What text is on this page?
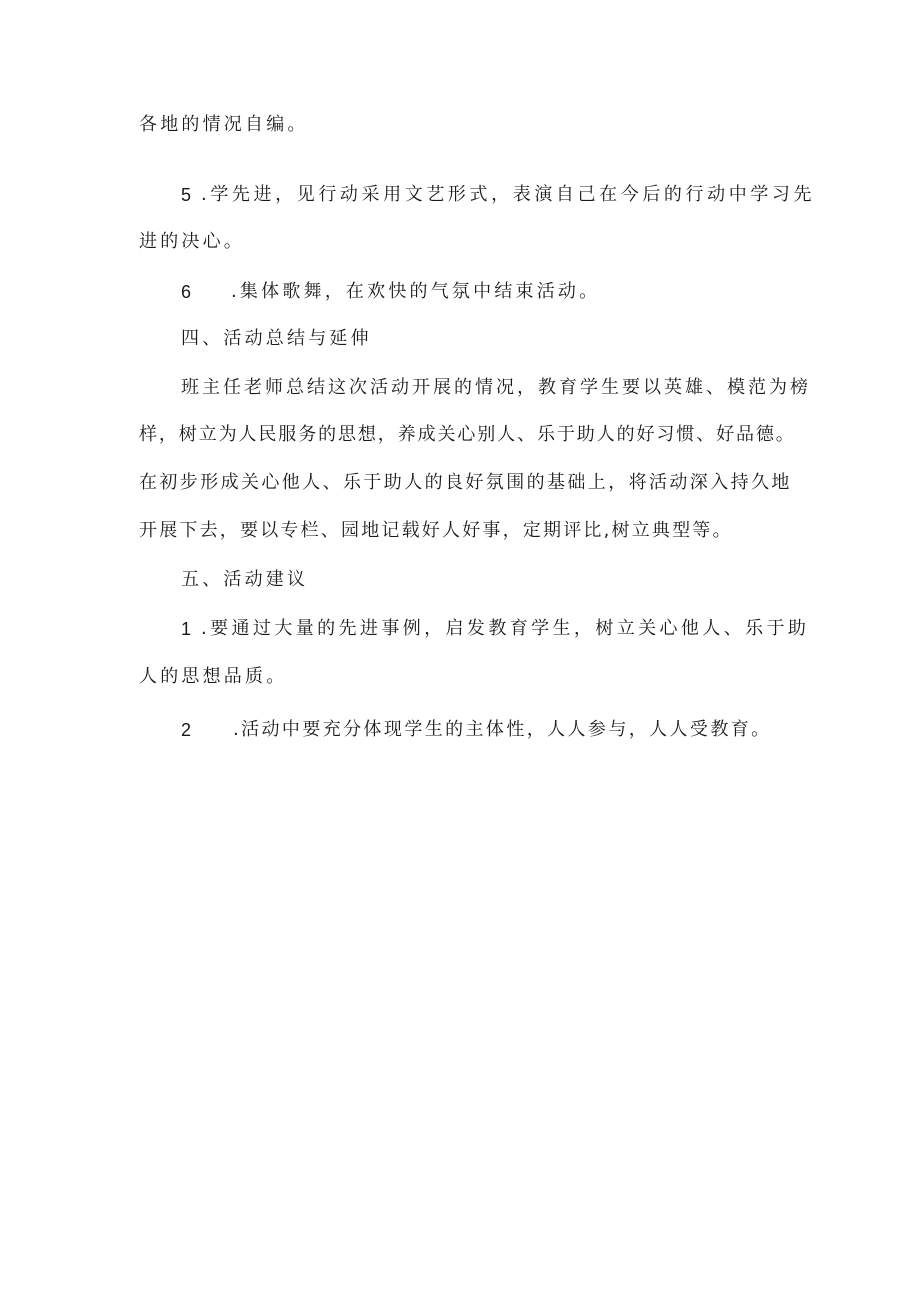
各地的情况自编。
5 .学先进，见行动采用文艺形式，表演自己在今后的行动中学习先
进的决心。
6 .集体歌舞，在欢快的气氛中结束活动。
四、活动总结与延伸
班主任老师总结这次活动开展的情况，教育学生要以英雄、模范为榜
样，树立为人民服务的思想，养成关心别人、乐于助人的好习惯、好品德。
在初步形成关心他人、乐于助人的良好氛围的基础上，将活动深入持久地
开展下去，要以专栏、园地记载好人好事，定期评比,树立典型等。
五、活动建议
1 .要通过大量的先进事例，启发教育学生，树立关心他人、乐于助
人的思想品质。
2 .活动中要充分体现学生的主体性，人人参与，人人受教育。
